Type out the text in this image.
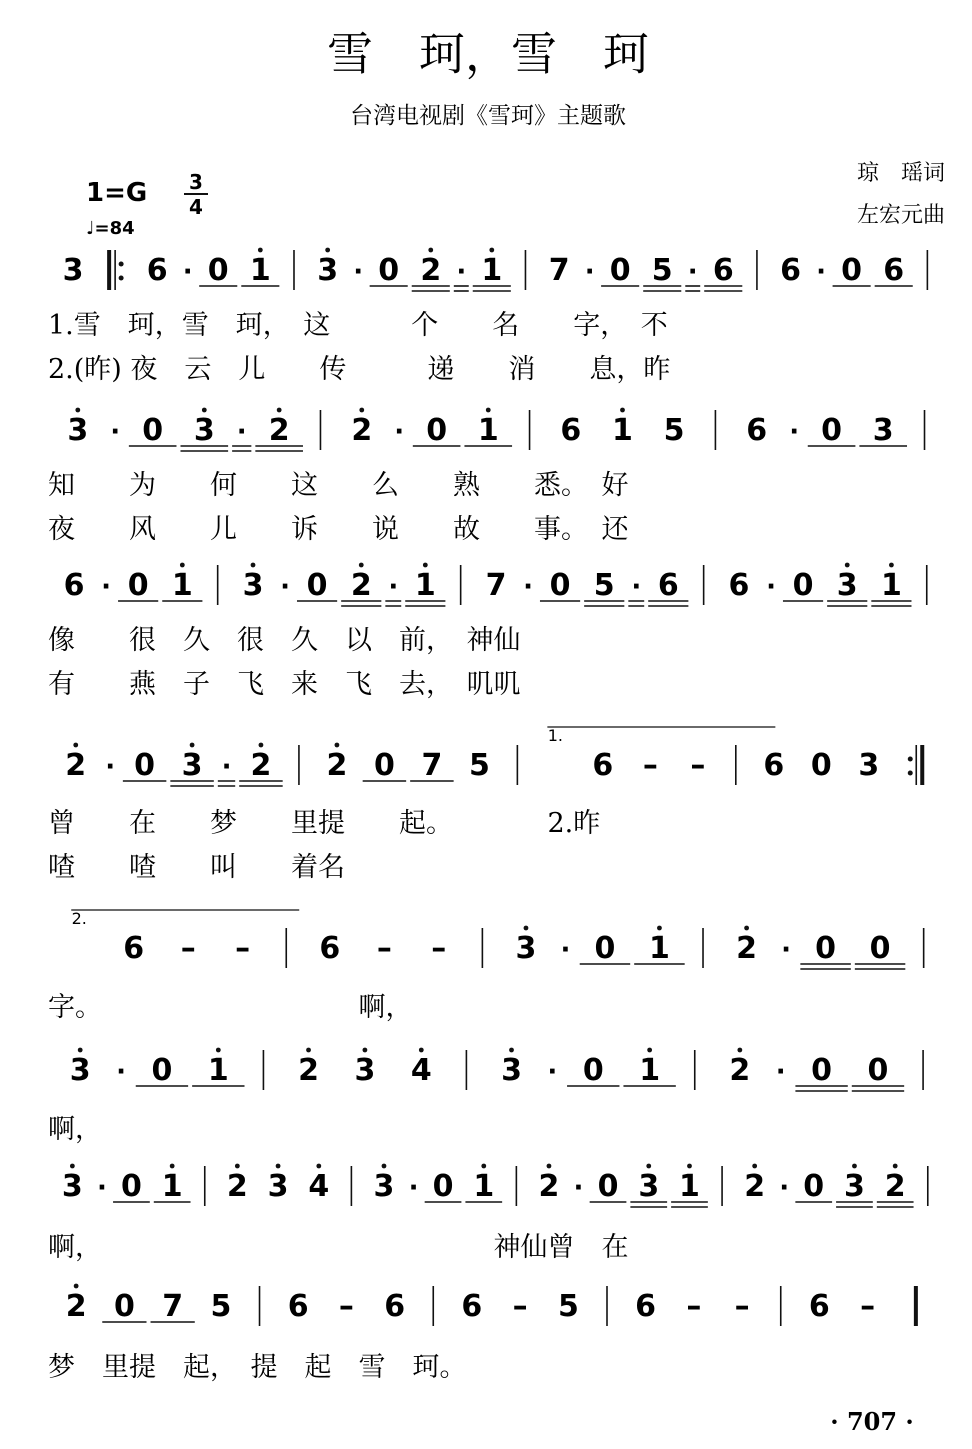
雪　珂，雪　珂
台湾电视剧《雪珂》主题歌
1=G 3
4
♩=84
琼　瑶词
左宏元曲
3 6 · 0 1 3 · 0 2 · 1 7 · 0 5 · 6 6 · 0 6
1.雪　珂，雪　珂，　这　　　个　　名　　字，　不
2.(昨) 夜　云　儿　　传　　　递　　消　　息，昨
3 · 0 3 · 2 2 · 0 1 6 1 5 6 · 0 3
知　　为　　何　　这　　么　　熟　　悉。　好
夜　　风　　儿　　诉　　说　　故　　事。　还
6 · 0 1 3 · 0 2 · 1 7 · 0 5 · 6 6 · 0 3 1
像　　很　久　很　久　以　前，　神仙
有　　燕　子　飞　来　飞　去，　叽叽
2 · 0 3 · 2 2 0 7 5
1.
6 – – 6 0 3
曾　　在　　梦　　里提　　起。　　　　2.昨
喳　　喳　　叫　　着名
2.
6 – – 6 – – 3 · 0 1 2 · 0 0
字。　　　　　　　　　　啊，
3 · 0 1 2 3 4 3 · 0 1 2 · 0 0
啊，
3 · 0 1 2 3 4 3 · 0 1 2 · 0 3 1 2 · 0 3 2
啊，　　　　　　　　　　　　　　　神仙曾　在
2 0 7 5 6 – 6 6 – 5 6 – – 6 –
梦　里提　起，　提　起　雪　珂。
· 707 ·
